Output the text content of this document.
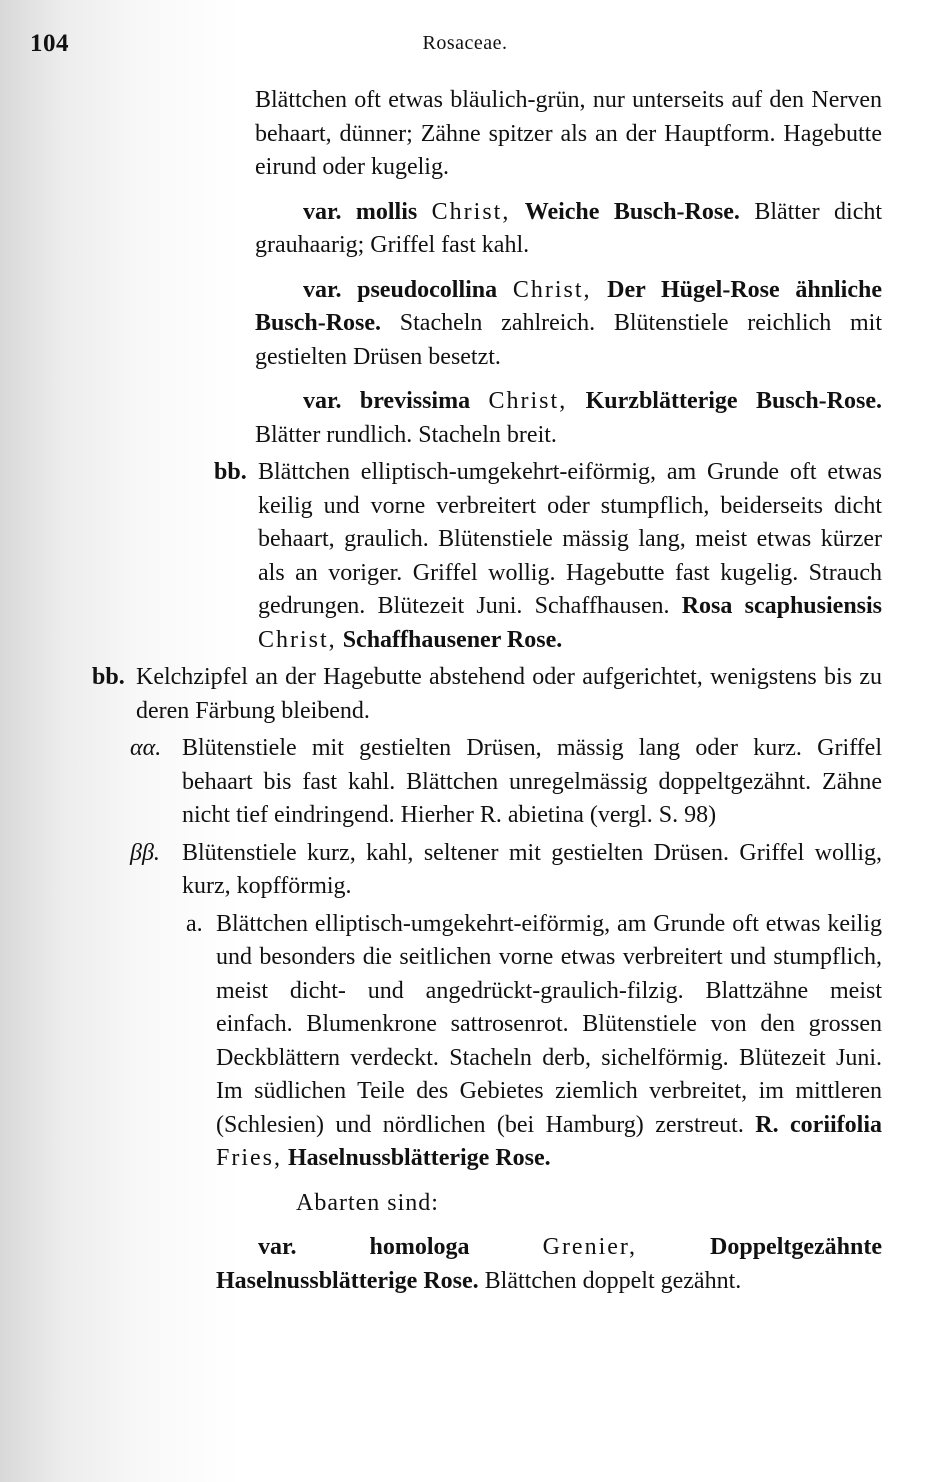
104	Rosaceae.

Blättchen oft etwas bläulich-grün, nur unterseits auf den Nerven behaart, dünner; Zähne spitzer als an der Hauptform. Hagebutte eirund oder kugelig.

var. mollis Christ, Weiche Busch-Rose. Blätter dicht grauhaarig; Griffel fast kahl.

var. pseudocollina Christ, Der Hügel-Rose ähnliche Busch-Rose. Stacheln zahlreich. Blütenstiele reichlich mit gestielten Drüsen besetzt.

var. brevissima Christ, Kurzblätterige Busch-Rose. Blätter rundlich. Stacheln breit.

bb. Blättchen elliptisch-umgekehrt-eiförmig, am Grunde oft etwas keilig und vorne verbreitert oder stumpflich, beiderseits dicht behaart, graulich. Blütenstiele mässig lang, meist etwas kürzer als an voriger. Griffel wollig. Hagebutte fast kugelig. Strauch gedrungen. Blütezeit Juni. Schaffhausen. Rosa scaphusiensis Christ, Schaffhausener Rose.

bb. Kelchzipfel an der Hagebutte abstehend oder aufgerichtet, wenigstens bis zu deren Färbung bleibend.

αα. Blütenstiele mit gestielten Drüsen, mässig lang oder kurz. Griffel behaart bis fast kahl. Blättchen unregelmässig doppeltgezähnt. Zähne nicht tief eindringend. Hierher R. abietina (vergl. S. 98)

ββ. Blütenstiele kurz, kahl, seltener mit gestielten Drüsen. Griffel wollig, kurz, kopfförmig.

a. Blättchen elliptisch-umgekehrt-eiförmig, am Grunde oft etwas keilig und besonders die seitlichen vorne etwas verbreitert und stumpflich, meist dicht- und angedrückt-graulich-filzig. Blattzähne meist einfach. Blumenkrone sattrosenrot. Blütenstiele von den grossen Deckblättern verdeckt. Stacheln derb, sichelförmig. Blütezeit Juni. Im südlichen Teile des Gebietes ziemlich verbreitet, im mittleren (Schlesien) und nördlichen (bei Hamburg) zerstreut. R. coriifolia Fries, Haselnussblätterige Rose.

Abarten sind:

var. homologa	Grenier,	Doppeltgezähnte Haselnussblätterige Rose. Blättchen doppelt gezähnt.
